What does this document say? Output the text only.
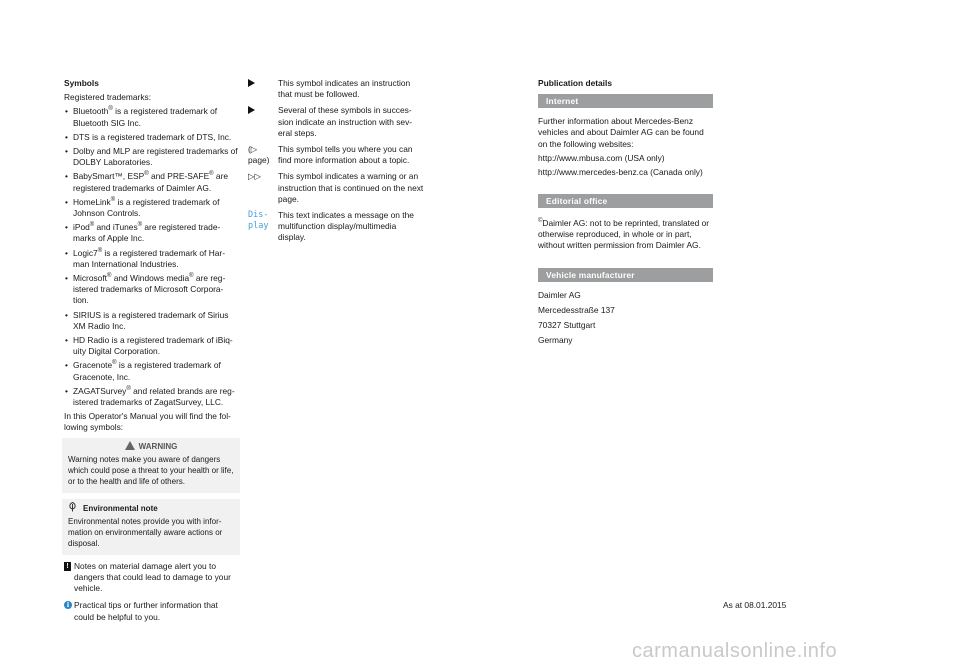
Symbols
Registered trademarks:
• Bluetooth® is a registered trademark of Bluetooth SIG Inc.
• DTS is a registered trademark of DTS, Inc.
• Dolby and MLP are registered trademarks of DOLBY Laboratories.
• BabySmart™, ESP® and PRE-SAFE® are registered trademarks of Daimler AG.
• HomeLink® is a registered trademark of Johnson Controls.
• iPod® and iTunes® are registered trade-marks of Apple Inc.
• Logic7® is a registered trademark of Har-man International Industries.
• Microsoft® and Windows media® are reg-istered trademarks of Microsoft Corpora-tion.
• SIRIUS is a registered trademark of Sirius XM Radio Inc.
• HD Radio is a registered trademark of iBiq-uity Digital Corporation.
• Gracenote® is a registered trademark of Gracenote, Inc.
• ZAGATSurvey® and related brands are reg-istered trademarks of ZagatSurvey, LLC.
In this Operator's Manual you will find the fol-lowing symbols:
WARNING
Warning notes make you aware of dangers which could pose a threat to your health or life, or to the health and life of others.
Environmental note
Environmental notes provide you with infor-mation on environmentally aware actions or disposal.
! Notes on material damage alert you to dangers that could lead to damage to your vehicle.
i Practical tips or further information that could be helpful to you.
This symbol indicates an instruction that must be followed.
Several of these symbols in succes-sion indicate an instruction with sev-eral steps.
(▷ page)
This symbol tells you where you can find more information about a topic.
▷▷	This symbol indicates a warning or an instruction that is continued on the next page.
Dis‐ play
This text indicates a message on the multifunction display/multimedia display.
Publication details
Internet
Further information about Mercedes-Benz vehicles and about Daimler AG can be found on the following websites:
http://www.mbusa.com (USA only)
http://www.mercedes-benz.ca (Canada only)
Editorial office
©Daimler AG: not to be reprinted, translated or otherwise reproduced, in whole or in part, without written permission from Daimler AG.
Vehicle manufacturer
Daimler AG
Mercedesstraße 137
70327 Stuttgart
Germany
As at 08.01.2015
carmanualsonline.info
